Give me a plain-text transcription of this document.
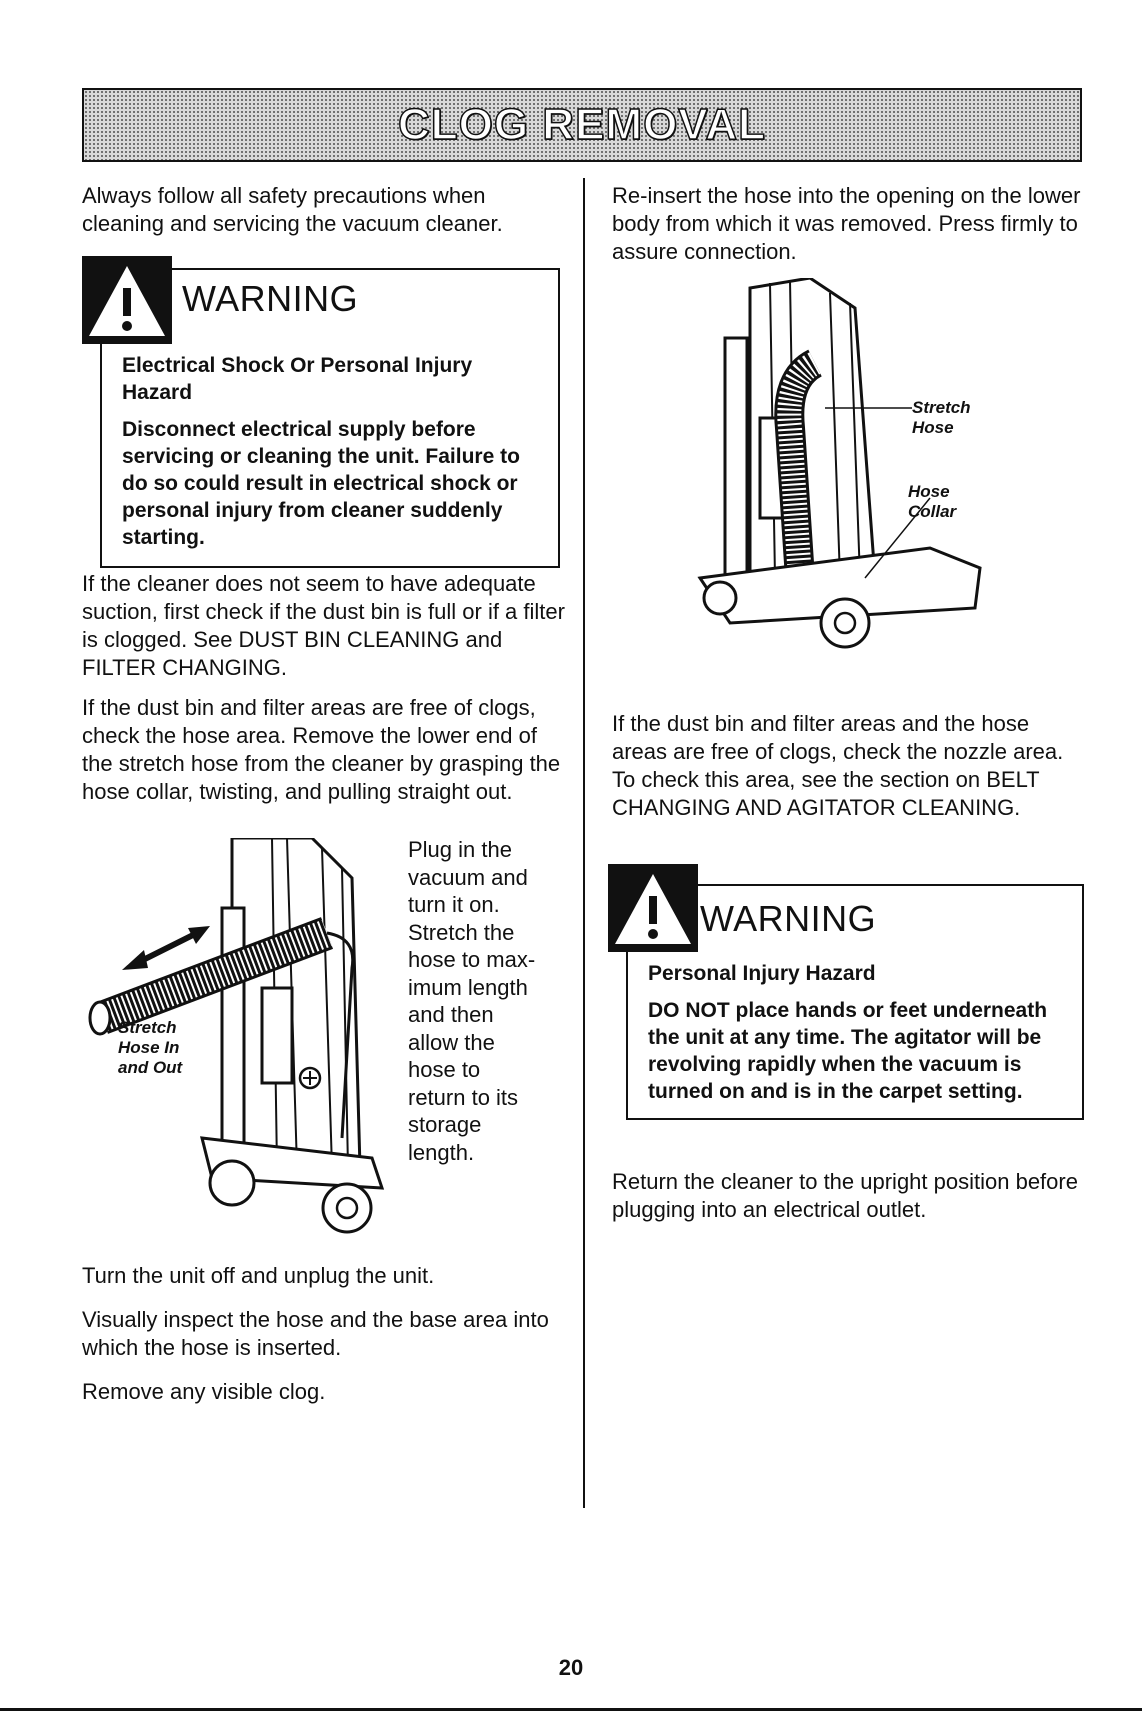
CLOG REMOVAL

Always follow all safety precautions when cleaning and servicing the vacuum cleaner.

WARNING

Electrical Shock Or Personal Injury Hazard

Disconnect electrical supply before servicing or cleaning the unit. Failure to do so could result in electrical shock or personal injury from cleaner suddenly starting.

If the cleaner does not seem to have adequate suction, first check if the dust bin is full or if a filter is clogged. See DUST BIN CLEANING and FILTER CHANGING.

If the dust bin and filter areas are free of clogs, check the hose area. Remove the lower end of the stretch hose from the cleaner by grasping the hose collar, twisting, and pulling straight out.

Stretch
Hose In
and Out
Plug in the
vacuum and
turn it on.
Stretch the
hose to max-
imum length
and then
allow the
hose to
return to its
storage
length.

Turn the unit off and unplug the unit.

Visually inspect the hose and the base area into which the hose is inserted.

Remove any visible clog.

Re-insert the hose into the opening on the lower body from which it was removed. Press firmly to assure connection.

Stretch
Hose
Hose
Collar

If the dust bin and filter areas and the hose areas are free of clogs, check the nozzle area. To check this area, see the section on BELT CHANGING AND AGITATOR CLEANING.

WARNING

Personal Injury Hazard

DO NOT place hands or feet underneath the unit at any time. The agitator will be revolving rapidly when the vacuum is turned on and is in the carpet setting.

Return the cleaner to the upright position before plugging into an electrical outlet.

20
